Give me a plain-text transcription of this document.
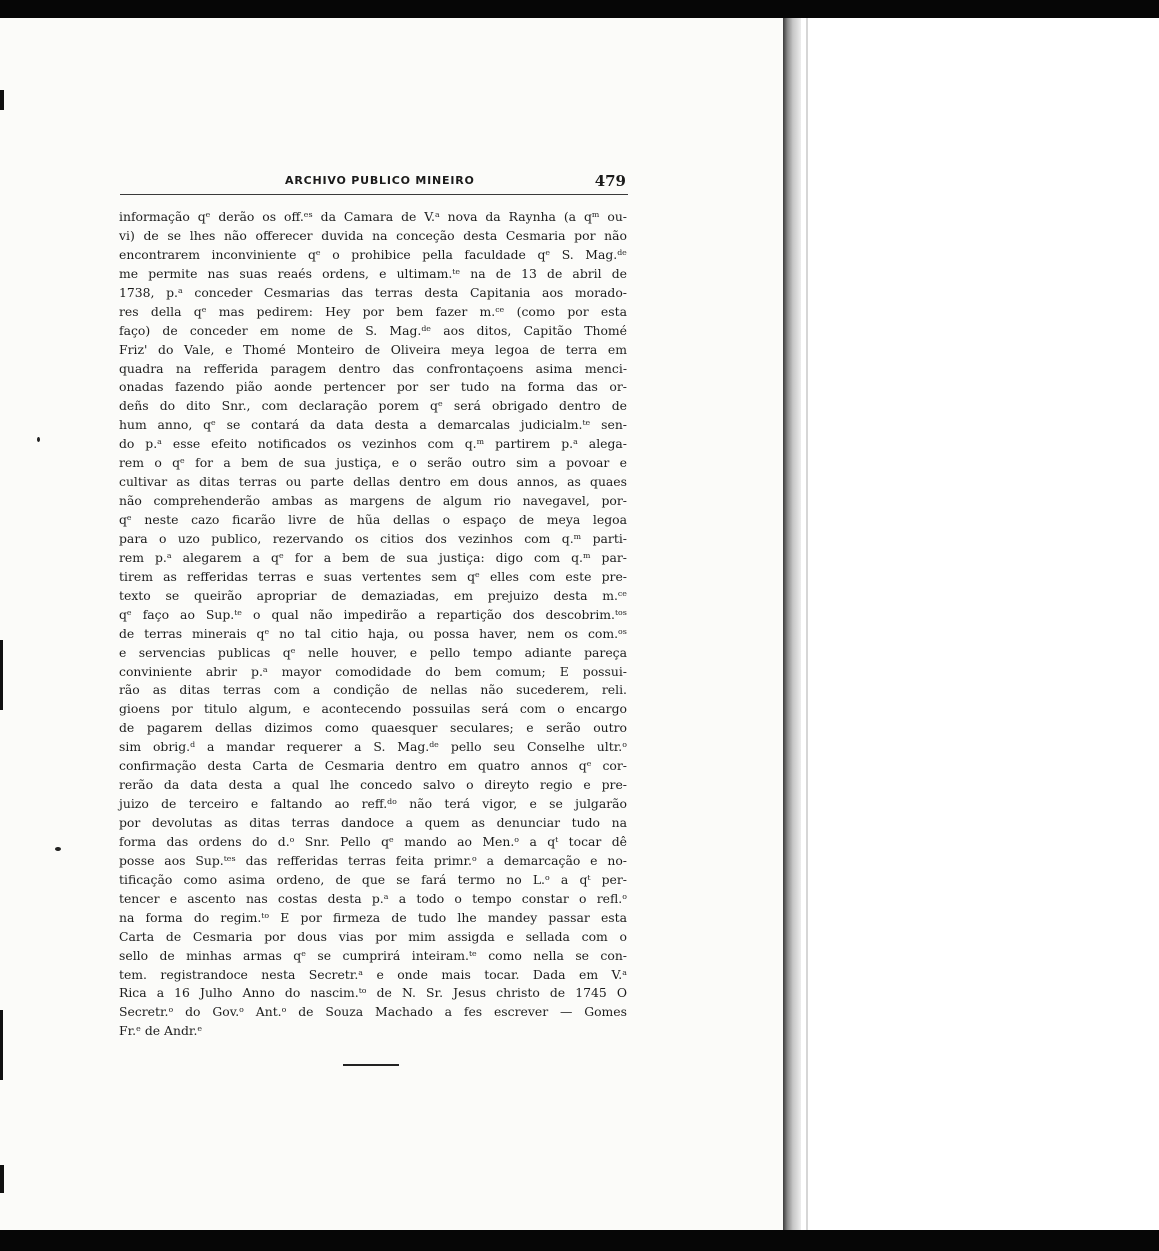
ARCHIVO PUBLICO MINEIRO	479
informação qᵉ derão os off.ᵉˢ da Camara de V.ᵃ nova da Raynha (a qᵐ ou-
vi) de se lhes não offerecer duvida na conceção desta Cesmaria por não
encontrarem inconviniente qᵉ o prohibice pella faculdade qᵉ S. Mag.ᵈᵉ
me permite nas suas reaés ordens, e ultimam.ᵗᵉ na de 13 de abril de
1738, p.ᵃ conceder Cesmarias das terras desta Capitania aos morado-
res della qᵉ mas pedirem: Hey por bem fazer m.ᶜᵉ (como por esta
faço) de conceder em nome de S. Mag.ᵈᵉ aos ditos, Capitão Thomé
Friz' do Vale, e Thomé Monteiro de Oliveira meya legoa de terra em
quadra na refferida paragem dentro das confrontaçoens asima menci-
onadas fazendo pião aonde pertencer por ser tudo na forma das or-
deñs do dito Snr., com declaração porem qᵉ será obrigado dentro de
hum anno, qᵉ se contará da data desta a demarcalas judicialm.ᵗᵉ sen-
do p.ᵃ esse efeito notificados os vezinhos com q.ᵐ partirem p.ᵃ alega-
rem o qᵉ for a bem de sua justiça, e o serão outro sim a povoar e
cultivar as ditas terras ou parte dellas dentro em dous annos, as quaes
não comprehenderão ambas as margens de algum rio navegavel, por-
qᵉ neste cazo ficarão livre de hũa dellas o espaço de meya legoa
para o uzo publico, rezervando os citios dos vezinhos com q.ᵐ parti-
rem p.ᵃ alegarem a qᵉ for a bem de sua justiça: digo com q.ᵐ par-
tirem as refferidas terras e suas vertentes sem qᵉ elles com este pre-
texto se queirão apropriar de demaziadas, em prejuizo desta m.ᶜᵉ
qᵉ faço ao Sup.ᵗᵉ o qual não impedirão a repartição dos descobrim.ᵗᵒˢ
de terras minerais qᵉ no tal citio haja, ou possa haver, nem os com.ᵒˢ
e servencias publicas qᵉ nelle houver, e pello tempo adiante pareça
conviniente abrir p.ᵃ mayor comodidade do bem comum; E possui-
rão as ditas terras com a condição de nellas não sucederem, reli.
gioens por titulo algum, e acontecendo possuilas será com o encargo
de pagarem dellas dizimos como quaesquer seculares; e serão outro
sim obrig.ᵈ a mandar requerer a S. Mag.ᵈᵉ pello seu Conselhe ultr.ᵒ
confirmação desta Carta de Cesmaria dentro em quatro annos qᵉ cor-
rerão da data desta a qual lhe concedo salvo o direyto regio e pre-
juizo de terceiro e faltando ao reff.ᵈᵒ não terá vigor, e se julgarão
por devolutas as ditas terras dandoce a quem as denunciar tudo na
forma das ordens do d.ᵒ Snr. Pello qᵉ mando ao Men.ᵒ a qᵗ tocar dê
posse aos Sup.ᵗᵉˢ das refferidas terras feita primr.ᵒ a demarcação e no-
tificação como asima ordeno, de que se fará termo no L.ᵒ a qᵗ per-
tencer e ascento nas costas desta p.ᵃ a todo o tempo constar o refl.ᵒ
na forma do regim.ᵗᵒ E por firmeza de tudo lhe mandey passar esta
Carta de Cesmaria por dous vias por mim assigda e sellada com o
sello de minhas armas qᵉ se cumprirá inteiram.ᵗᵉ como nella se con-
tem. registrandoce nesta Secretr.ᵃ e onde mais tocar. Dada em V.ᵃ
Rica a 16 Julho Anno do nascim.ᵗᵒ de N. Sr. Jesus christo de 1745 O
Secretr.ᵒ do Gov.ᵒ Ant.ᵒ de Souza Machado a fes escrever — Gomes
Fr.ᵉ de Andr.ᵉ
